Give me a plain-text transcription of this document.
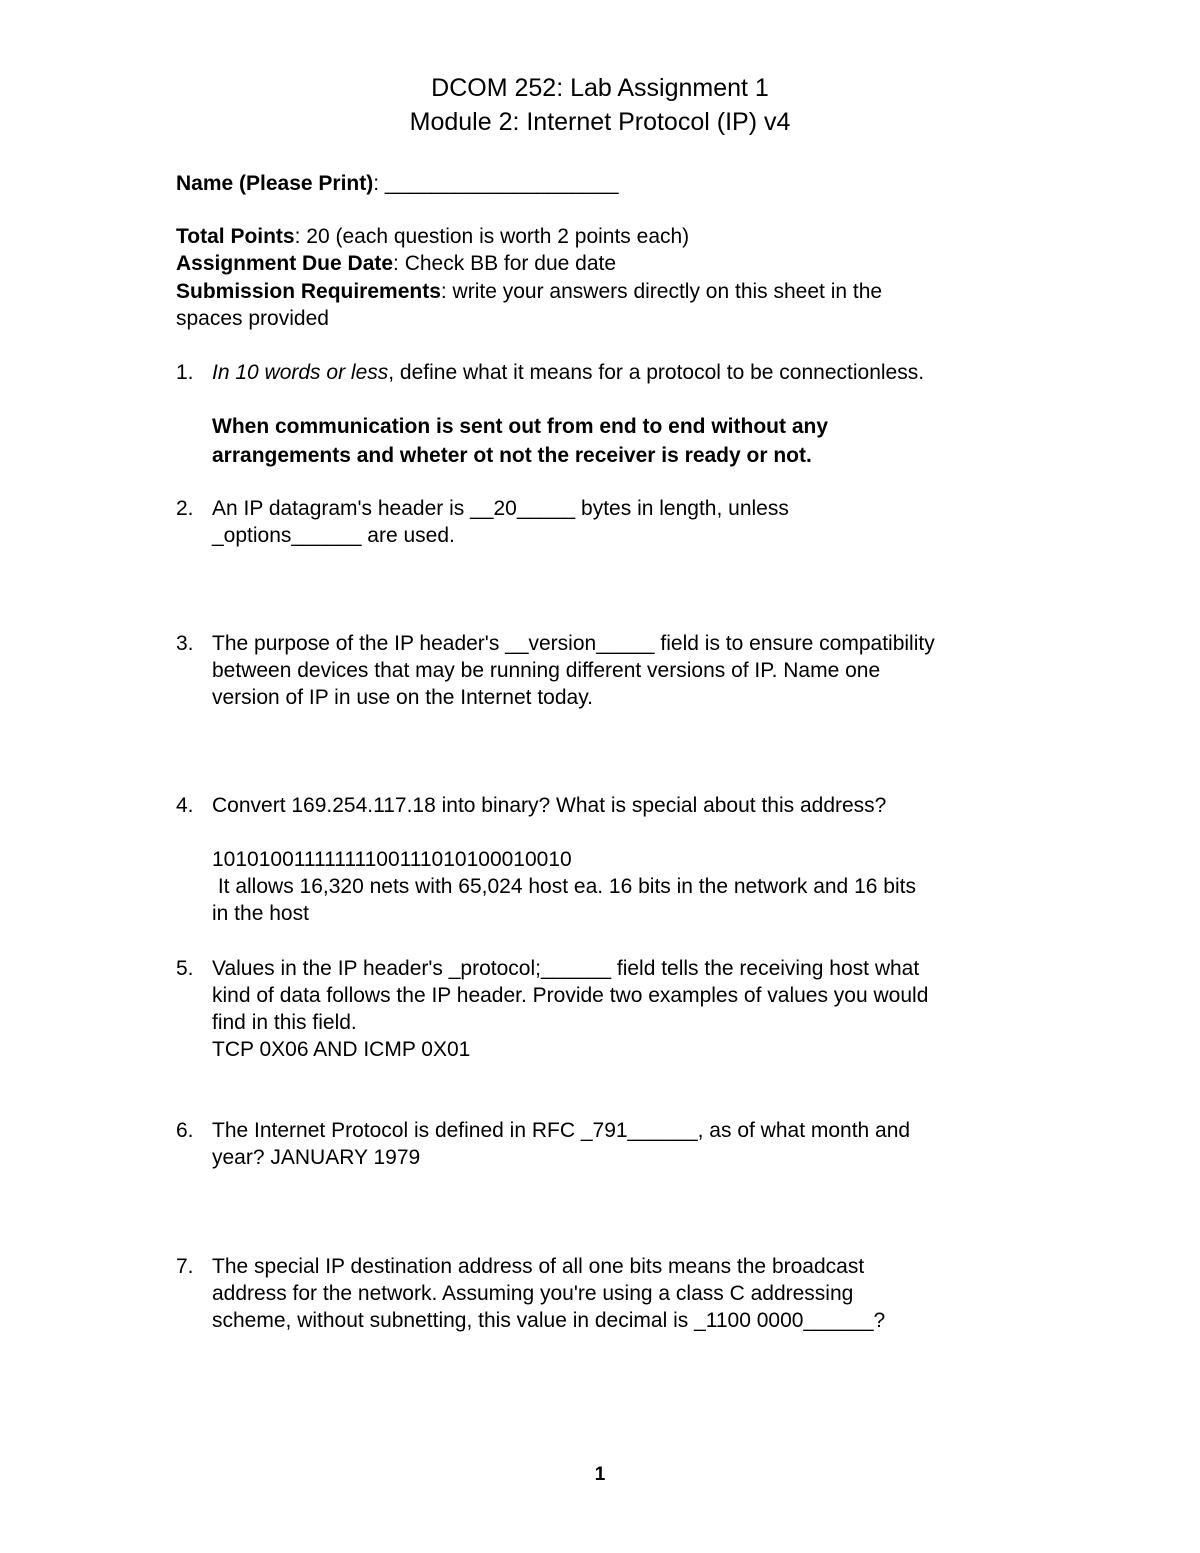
DCOM 252: Lab Assignment 1
Module 2: Internet Protocol (IP) v4
Name (Please Print): ____________________
Total Points: 20 (each question is worth 2 points each)
Assignment Due Date: Check BB for due date
Submission Requirements: write your answers directly on this sheet in the
spaces provided
1. In 10 words or less, define what it means for a protocol to be connectionless.
When communication is sent out from end to end without any
arrangements and wheter ot not the receiver is ready or not.
2. An IP datagram's header is __20_____ bytes in length, unless
_options______ are used.
3. The purpose of the IP header's __version_____ field is to ensure compatibility
between devices that may be running different versions of IP. Name one
version of IP in use on the Internet today.
4. Convert 169.254.117.18 into binary? What is special about this address?
10101001111111100111010100010010
It allows 16,320 nets with 65,024 host ea. 16 bits in the network and 16 bits
in the host
5. Values in the IP header's _protocol;______ field tells the receiving host what
kind of data follows the IP header. Provide two examples of values you would
find in this field.
TCP 0X06 AND ICMP 0X01
6. The Internet Protocol is defined in RFC _791______, as of what month and
year? JANUARY 1979
7. The special IP destination address of all one bits means the broadcast
address for the network. Assuming you're using a class C addressing
scheme, without subnetting, this value in decimal is _1100 0000______?
1
